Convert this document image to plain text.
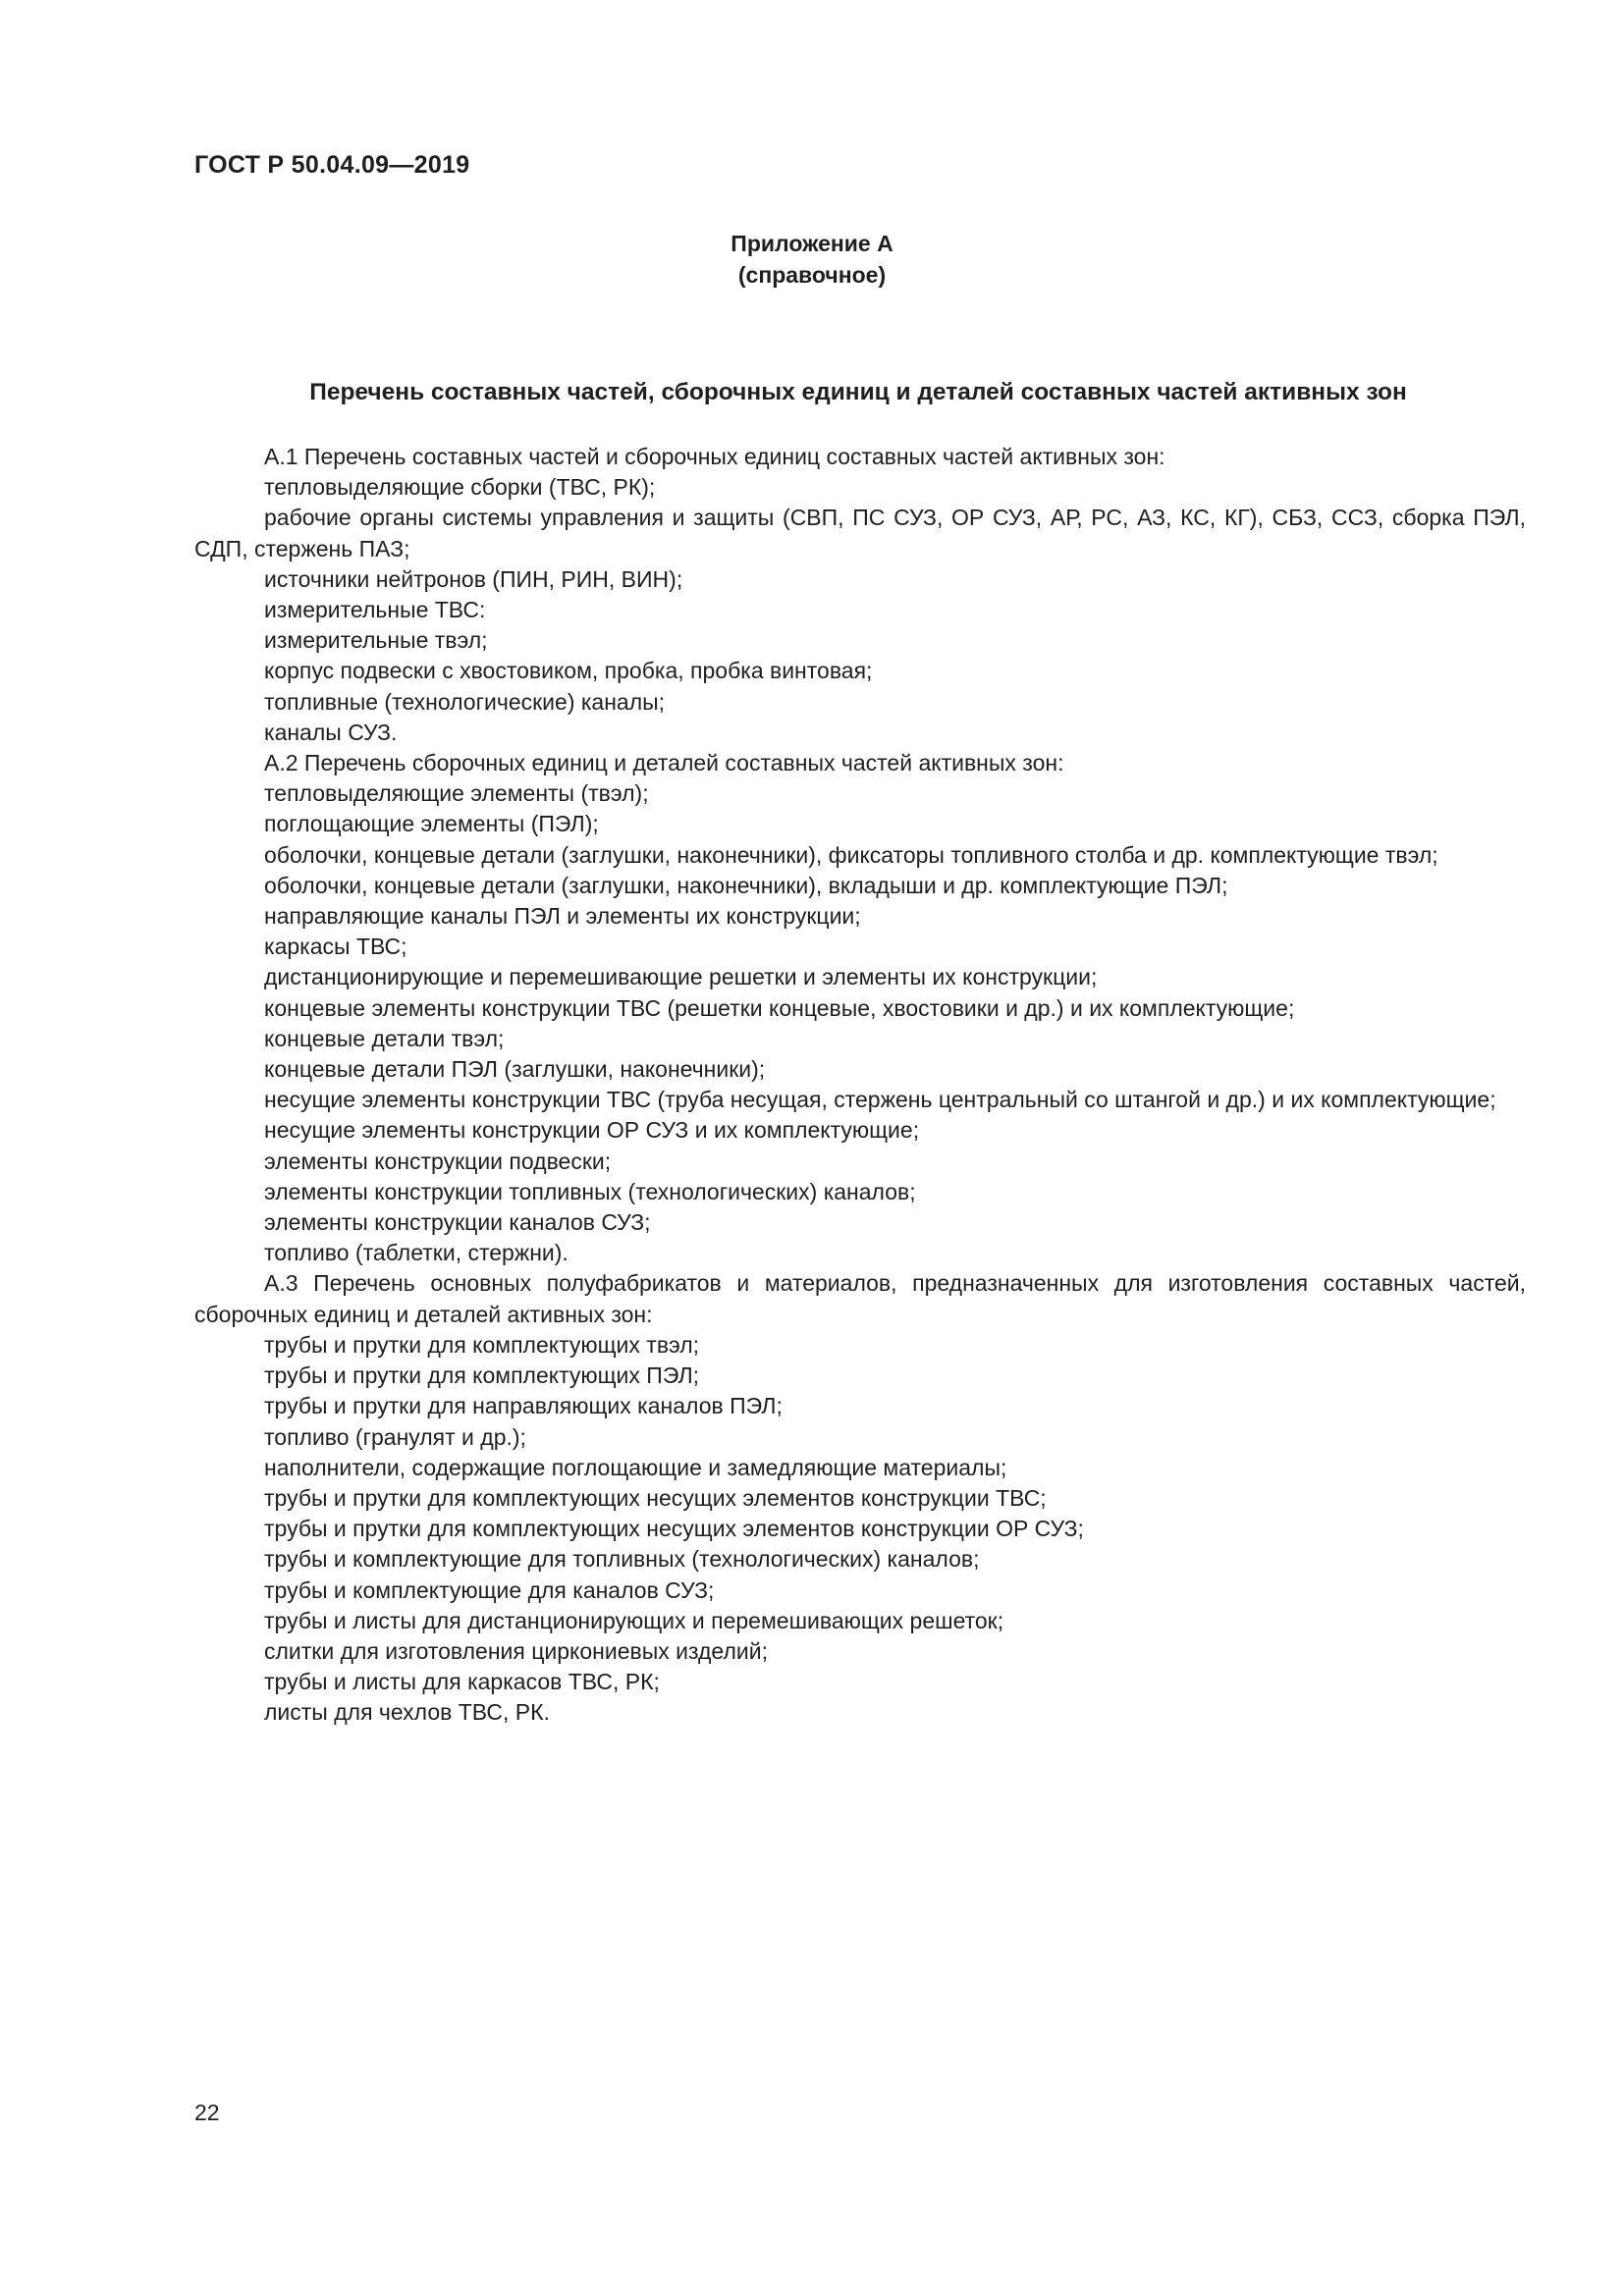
ГОСТ Р 50.04.09—2019

Приложение А
(справочное)
Перечень составных частей, сборочных единиц и деталей составных частей активных зон

А.1 Перечень составных частей и сборочных единиц составных частей активных зон:

тепловыделяющие сборки (ТВС, РК);

рабочие органы системы управления и защиты (СВП, ПС СУЗ, ОР СУЗ, АР, РС, АЗ, КС, КГ), СБЗ, ССЗ, сборка ПЭЛ, СДП, стержень ПАЗ;

источники нейтронов (ПИН, РИН, ВИН);

измерительные ТВС:

измерительные твэл;

корпус подвески с хвостовиком, пробка, пробка винтовая;

топливные (технологические) каналы;

каналы СУЗ.

А.2 Перечень сборочных единиц и деталей составных частей активных зон:

тепловыделяющие элементы (твэл);

поглощающие элементы (ПЭЛ);

оболочки, концевые детали (заглушки, наконечники), фиксаторы топливного столба и др. комплектующие твэл;

оболочки, концевые детали (заглушки, наконечники), вкладыши и др. комплектующие ПЭЛ;

направляющие каналы ПЭЛ и элементы их конструкции;

каркасы ТВС;

дистанционирующие и перемешивающие решетки и элементы их конструкции;

концевые элементы конструкции ТВС (решетки концевые, хвостовики и др.) и их комплектующие;

концевые детали твэл;

концевые детали ПЭЛ (заглушки, наконечники);

несущие элементы конструкции ТВС (труба несущая, стержень центральный со штангой и др.) и их комплектующие;

несущие элементы конструкции ОР СУЗ и их комплектующие;

элементы конструкции подвески;

элементы конструкции топливных (технологических) каналов;

элементы конструкции каналов СУЗ;

топливо (таблетки, стержни).

А.3 Перечень основных полуфабрикатов и материалов, предназначенных для изготовления составных частей, сборочных единиц и деталей активных зон:

трубы и прутки для комплектующих твэл;

трубы и прутки для комплектующих ПЭЛ;

трубы и прутки для направляющих каналов ПЭЛ;

топливо (гранулят и др.);

наполнители, содержащие поглощающие и замедляющие материалы;

трубы и прутки для комплектующих несущих элементов конструкции ТВС;

трубы и прутки для комплектующих несущих элементов конструкции ОР СУЗ;

трубы и комплектующие для топливных (технологических) каналов;

трубы и комплектующие для каналов СУЗ;

трубы и листы для дистанционирующих и перемешивающих решеток;

слитки для изготовления циркониевых изделий;

трубы и листы для каркасов ТВС, РК;

листы для чехлов ТВС, РК.

22
